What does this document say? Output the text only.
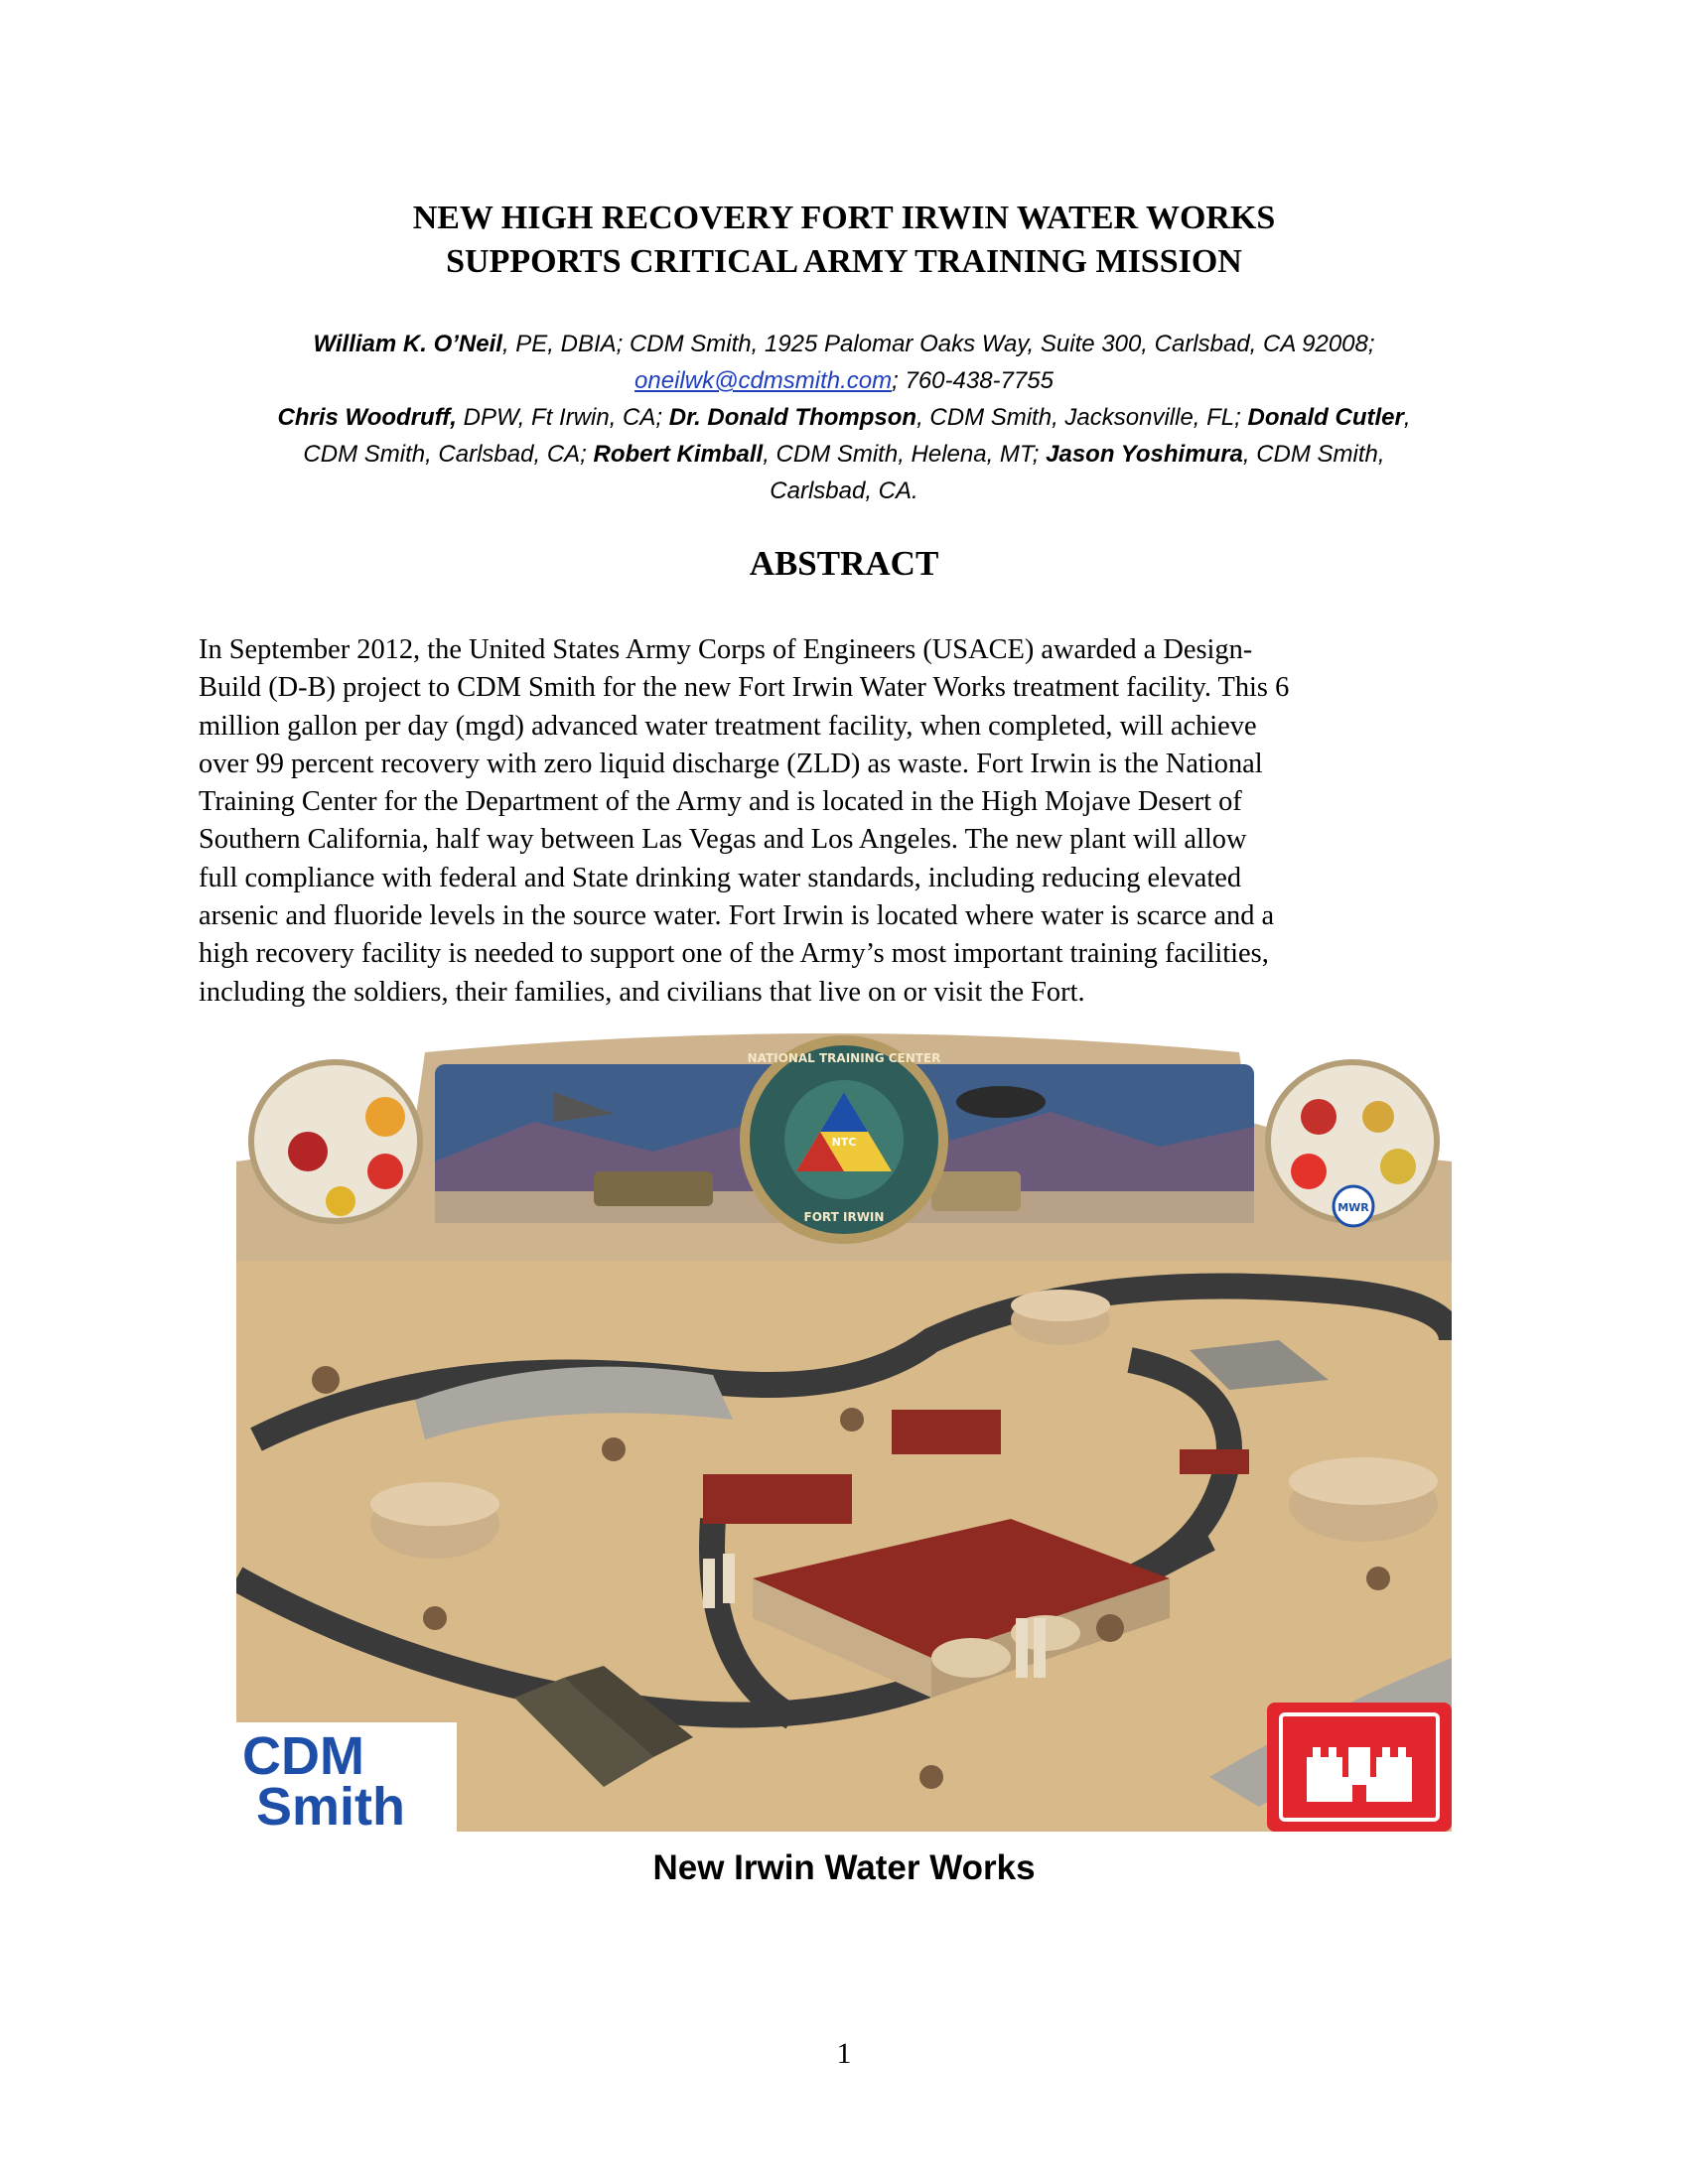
NEW HIGH RECOVERY FORT IRWIN WATER WORKS
SUPPORTS CRITICAL ARMY TRAINING MISSION
William K. O’Neil, PE, DBIA; CDM Smith, 1925 Palomar Oaks Way, Suite 300, Carlsbad, CA 92008;
oneilwk@cdmsmith.com; 760-438-7755
Chris Woodruff, DPW, Ft Irwin, CA; Dr. Donald Thompson, CDM Smith, Jacksonville, FL; Donald Cutler,
CDM Smith, Carlsbad, CA; Robert Kimball, CDM Smith, Helena, MT; Jason Yoshimura, CDM Smith,
Carlsbad, CA.
ABSTRACT
In September 2012, the United States Army Corps of Engineers (USACE) awarded a Design-
Build (D-B) project to CDM Smith for the new Fort Irwin Water Works treatment facility. This 6
million gallon per day (mgd) advanced water treatment facility, when completed, will achieve
over 99 percent recovery with zero liquid discharge (ZLD) as waste. Fort Irwin is the National
Training Center for the Department of the Army and is located in the High Mojave Desert of
Southern California, half way between Las Vegas and Los Angeles. The new plant will allow
full compliance with federal and State drinking water standards, including reducing elevated
arsenic and fluoride levels in the source water. Fort Irwin is located where water is scarce and a
high recovery facility is needed to support one of the Army’s most important training facilities,
including the soldiers, their families, and civilians that live on or visit the Fort.
NTC
NATIONAL TRAINING CENTER
FORT IRWIN
MWR
CDM
Smith
New Irwin Water Works
1
